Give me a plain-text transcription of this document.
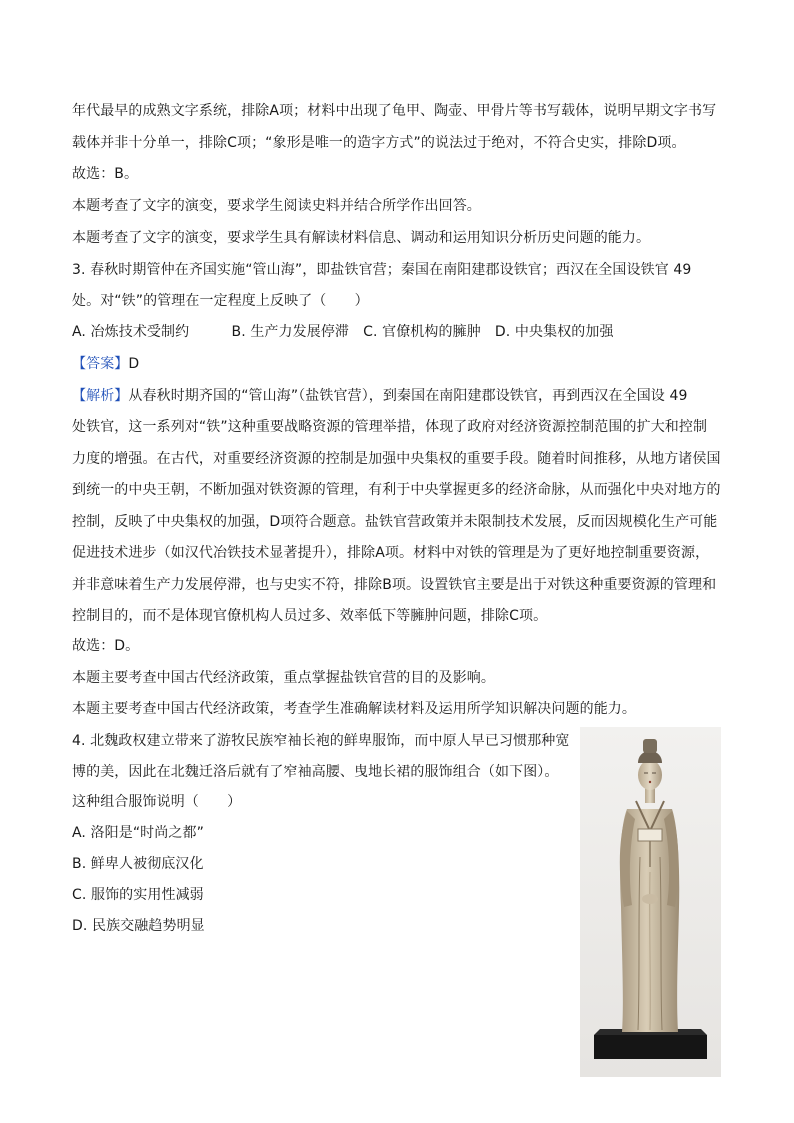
年代最早的成熟文字系统，排除A项；材料中出现了龟甲、陶壶、甲骨片等书写载体，说明早期文字书写
载体并非十分单一，排除C项；“象形是唯一的造字方式”的说法过于绝对，不符合史实，排除D项。
故选：B。
本题考查了文字的演变，要求学生阅读史料并结合所学作出回答。
本题考查了文字的演变，要求学生具有解读材料信息、调动和运用知识分析历史问题的能力。
3. 春秋时期管仲在齐国实施“管山海”，即盐铁官营；秦国在南阳建郡设铁官；西汉在全国设铁官 49
处。对“铁”的管理在一定程度上反映了（　　）
A. 冶炼技术受制约　　　B. 生产力发展停滞　C. 官僚机构的臃肿　D. 中央集权的加强
【答案】D
【解析】从春秋时期齐国的“管山海”（盐铁官营），到秦国在南阳建郡设铁官，再到西汉在全国设 49
处铁官，这一系列对“铁”这种重要战略资源的管理举措，体现了政府对经济资源控制范围的扩大和控制
力度的增强。在古代，对重要经济资源的控制是加强中央集权的重要手段。随着时间推移，从地方诸侯国
到统一的中央王朝，不断加强对铁资源的管理，有利于中央掌握更多的经济命脉，从而强化中央对地方的
控制，反映了中央集权的加强，D项符合题意。盐铁官营政策并未限制技术发展，反而因规模化生产可能
促进技术进步（如汉代冶铁技术显著提升），排除A项。材料中对铁的管理是为了更好地控制重要资源，
并非意味着生产力发展停滞，也与史实不符，排除B项。设置铁官主要是出于对铁这种重要资源的管理和
控制目的，而不是体现官僚机构人员过多、效率低下等臃肿问题，排除C项。
故选：D。
本题主要考查中国古代经济政策，重点掌握盐铁官营的目的及影响。
本题主要考查中国古代经济政策，考查学生准确解读材料及运用所学知识解决问题的能力。
4. 北魏政权建立带来了游牧民族窄袖长袍的鲜卑服饰，而中原人早已习惯那种宽
博的美，因此在北魏迁洛后就有了窄袖高腰、曳地长裙的服饰组合（如下图）。
这种组合服饰说明（　　）
A. 洛阳是“时尚之都”
B. 鲜卑人被彻底汉化
C. 服饰的实用性减弱
D. 民族交融趋势明显
